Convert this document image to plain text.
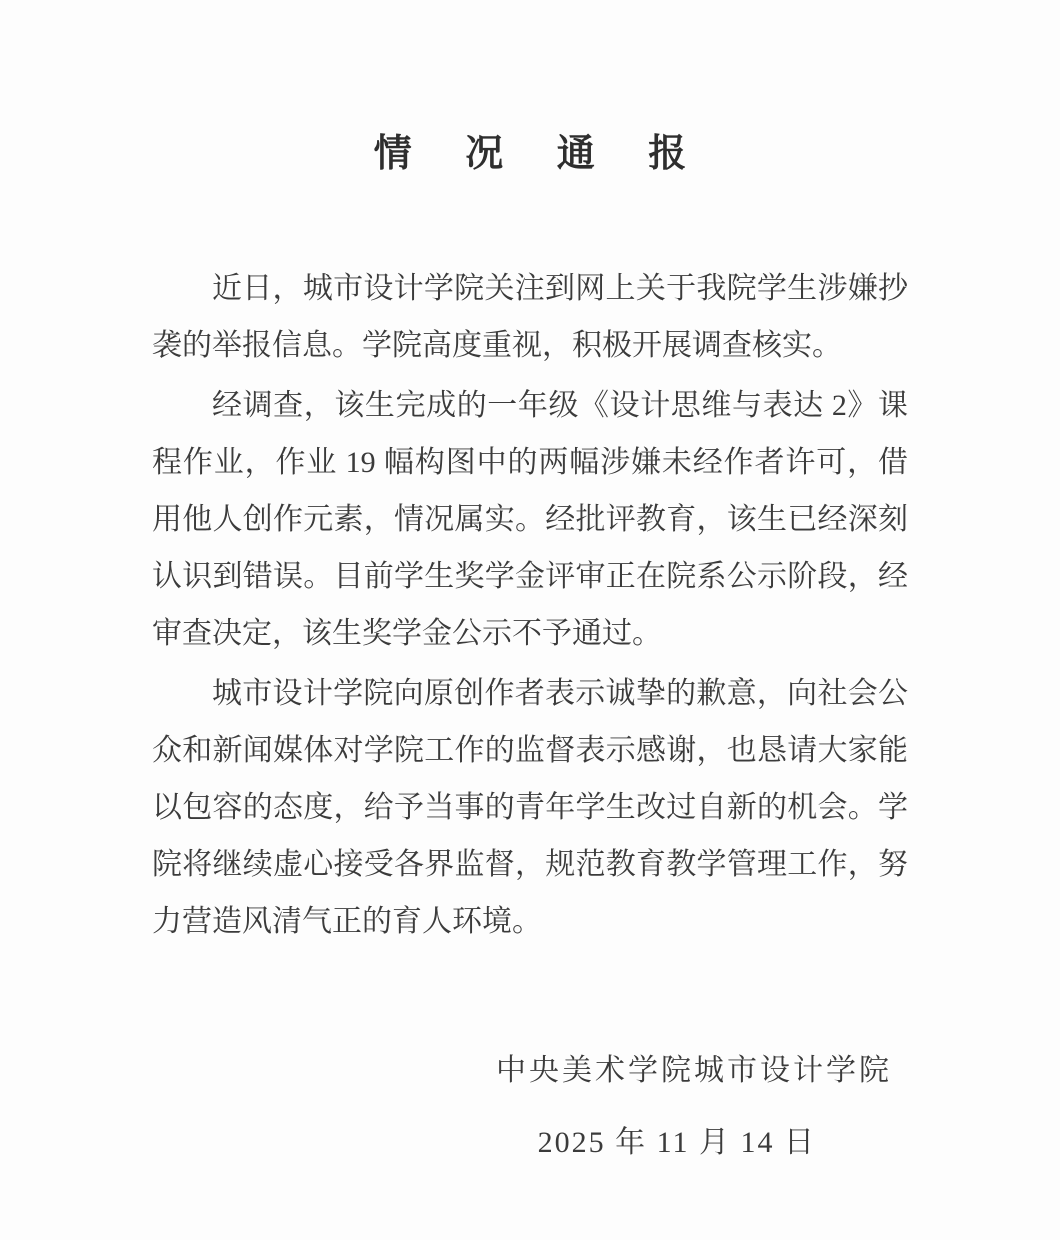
情 况 通 报

近日，城市设计学院关注到网上关于我院学生涉嫌抄袭的举报信息。学院高度重视，积极开展调查核实。

经调查，该生完成的一年级《设计思维与表达 2》课程作业，作业 19 幅构图中的两幅涉嫌未经作者许可，借用他人创作元素，情况属实。经批评教育，该生已经深刻认识到错误。目前学生奖学金评审正在院系公示阶段，经审查决定，该生奖学金公示不予通过。

城市设计学院向原创作者表示诚挚的歉意，向社会公众和新闻媒体对学院工作的监督表示感谢，也恳请大家能以包容的态度，给予当事的青年学生改过自新的机会。学院将继续虚心接受各界监督，规范教育教学管理工作，努力营造风清气正的育人环境。

中央美术学院城市设计学院
2025 年 11 月 14 日
